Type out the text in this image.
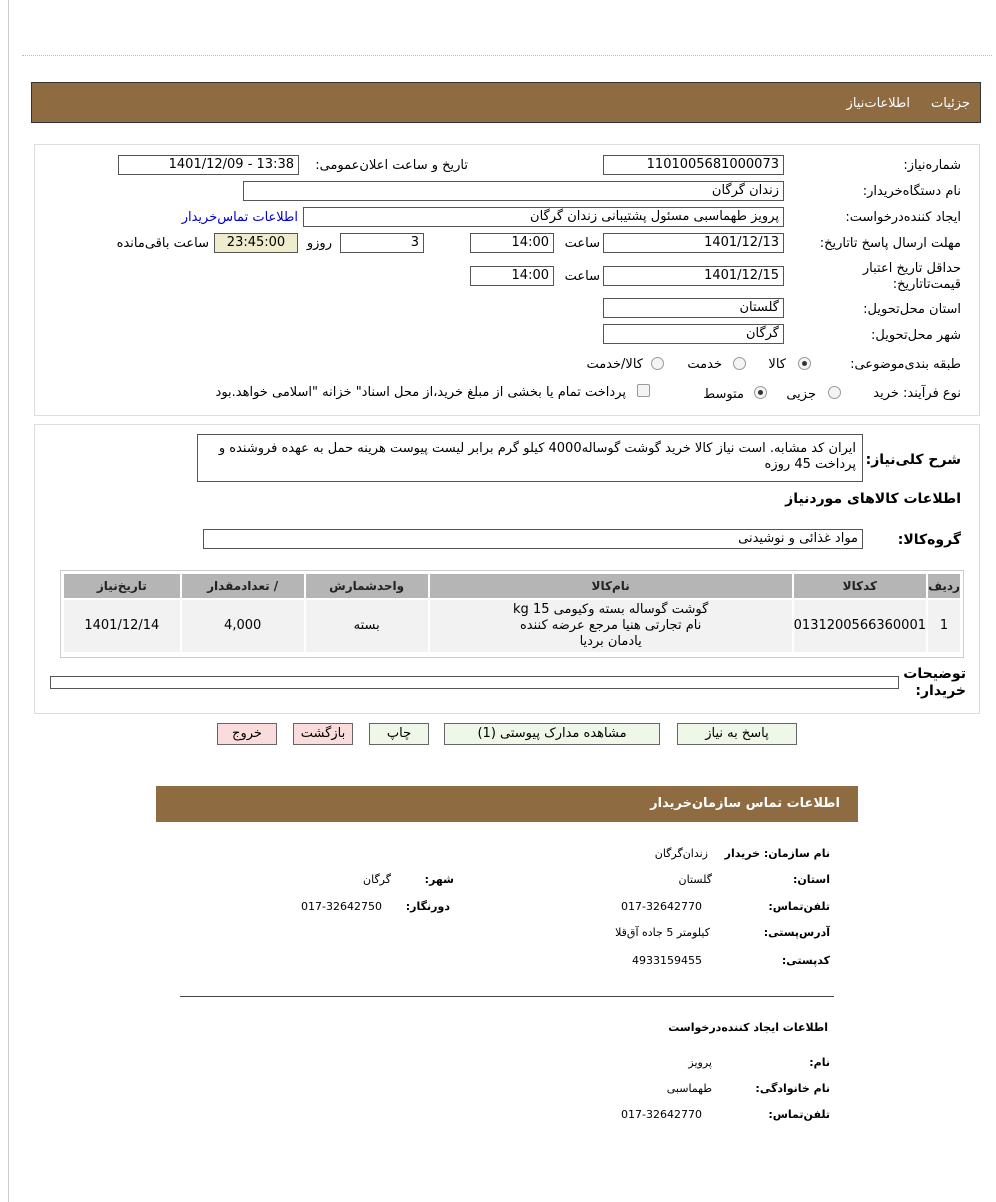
جزئیات
اطلاعات‌نیاز
شماره‌نیاز:
1101005681000073
تاریخ و ساعت اعلان‌عمومی:
1401/12/09 - 13:38
نام دستگاه‌خریدار:
زندان گرگان
ایجاد کننده‌درخواست:
پرویز طهماسبی مسئول پشتیبانی زندان گرگان
اطلاعات تماس‌خریدار
مهلت ارسال پاسخ تا‌تاریخ:
1401/12/13
ساعت
14:00
3
روزو
23:45:00
ساعت باقی‌مانده
حداقل تاریخ اعتبار قیمت‌تا‌تاریخ:
1401/12/15
ساعت
14:00
استان محل‌تحویل:
گلستان
شهر محل‌تحویل:
گرگان
طبقه بندی‌موضوعی:
کالا
خدمت
کالا/خدمت
نوع فرآیند: خرید
جزیی
متوسط
پرداخت تمام یا بخشی از مبلغ خرید،از محل اسناد" خزانه "اسلامی خواهد.بود
شرح کلی‌نیاز:
ایران کد مشابه. است نیاز کالا خرید گوشت گوساله4000 کیلو گرم برابر لیست پیوست هرینه حمل به عهده فروشنده و پرداخت 45 روزه
اطلاعات کالاهای موردنیاز
گروه‌کالا:
مواد غذائی و نوشیدنی
ردیف	کدکالا	نام‌کالا	واحدشمارش	/ تعدادمقدار	تاریخ‌نیاز
1	0131200566360001	گوشت گوساله بسته وکیومی 15 kg
نام تجارتی هنیا مرجع عرضه کننده
یادمان بردیا	بسته	4,000	1401/12/14
توضیحات خریدار:
پاسخ به نیاز
مشاهده مدارک پیوستی (1)
چاپ
بازگشت
خروج
اطلاعات تماس سازمان‌خریدار
نام سازمان: خریدار
زندان‌گرگان
استان:
گلستان
شهر:
گرگان
تلفن‌تماس:
017-32642770
دورنگار:
017-32642750
آدرس‌پستی:
کیلومتر 5 جاده آق‌قلا
کدپستی:
4933159455
اطلاعات ایجاد کننده‌درخواست
نام:
پرویز
نام خانوادگی:
طهماسبی
تلفن‌تماس:
017-32642770
